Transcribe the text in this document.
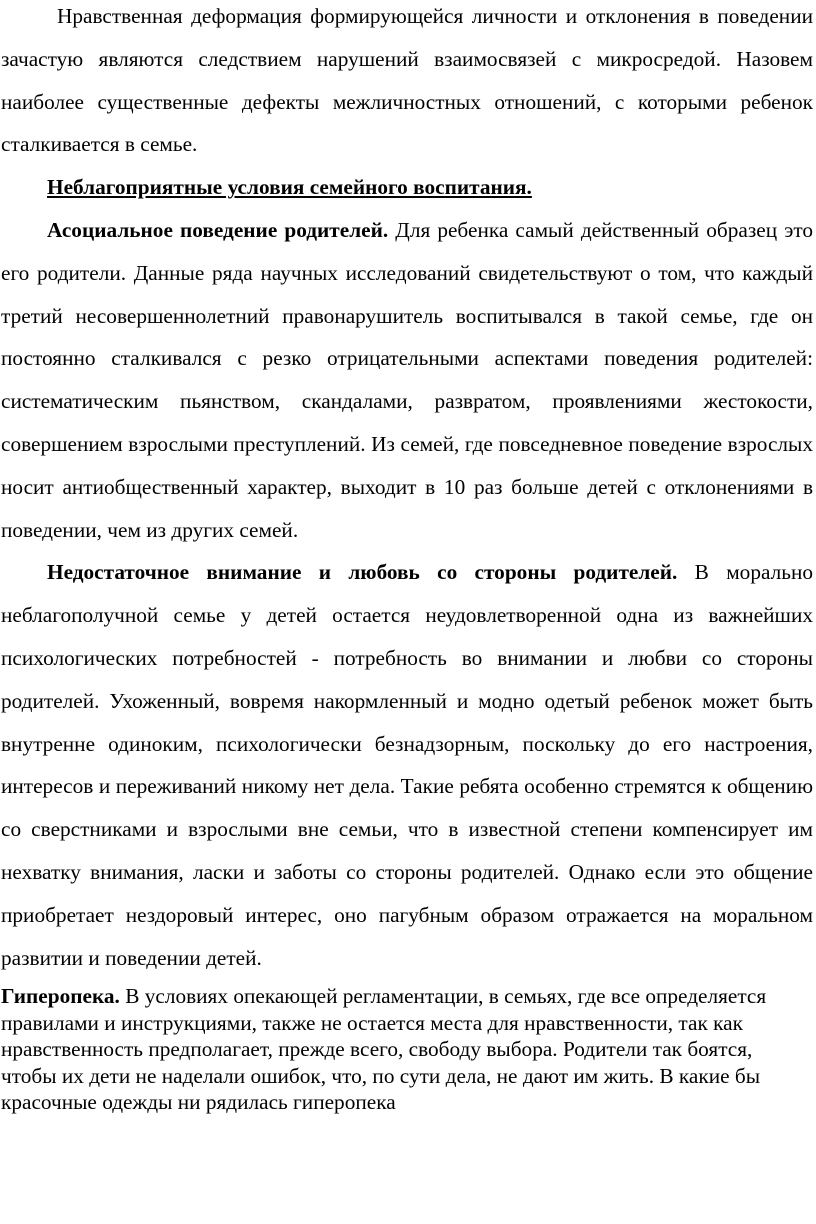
Нравственная деформация формирующейся личности и отклонения в поведении зачастую являются следствием нарушений взаимосвязей с микросредой. Назовем наиболее существенные дефекты межличностных отношений, с которыми ребенок сталкивается в семье.

Неблагоприятные условия семейного воспитания.

Асоциальное поведение родителей. Для ребенка самый действенный образец это его родители. Данные ряда научных исследований свидетельствуют о том, что каждый третий несовершеннолетний правонарушитель воспитывался в такой семье, где он постоянно сталкивался с резко отрицательными аспектами поведения родителей: систематическим пьянством, скандалами, развратом, проявлениями жестокости, совершением взрослыми преступлений. Из семей, где повседневное поведение взрослых носит антиобщественный характер, выходит в 10 раз больше детей с отклонениями в поведении, чем из других семей.

Недостаточное внимание и любовь со стороны родителей. В морально неблагополучной семье у детей остается неудовлетворенной одна из важнейших психологических потребностей - потребность во внимании и любви со стороны родителей. Ухоженный, вовремя накормленный и модно одетый ребенок может быть внутренне одиноким, психологически безнадзорным, поскольку до его настроения, интересов и переживаний никому нет дела. Такие ребята особенно стремятся к общению со сверстниками и взрослыми вне семьи, что в известной степени компенсирует им нехватку внимания, ласки и заботы со стороны родителей. Однако если это общение приобретает нездоровый интерес, оно пагубным образом отражается на моральном развитии и поведении детей.

Гиперопека. В условиях опекающей регламентации, в семьях, где все определяется правилами и инструкциями, также не остается места для нравственности, так как нравственность предполагает, прежде всего, свободу выбора. Родители так боятся, чтобы их дети не наделали ошибок, что, по сути дела, не дают им жить. В какие бы красочные одежды ни рядилась гиперопека
